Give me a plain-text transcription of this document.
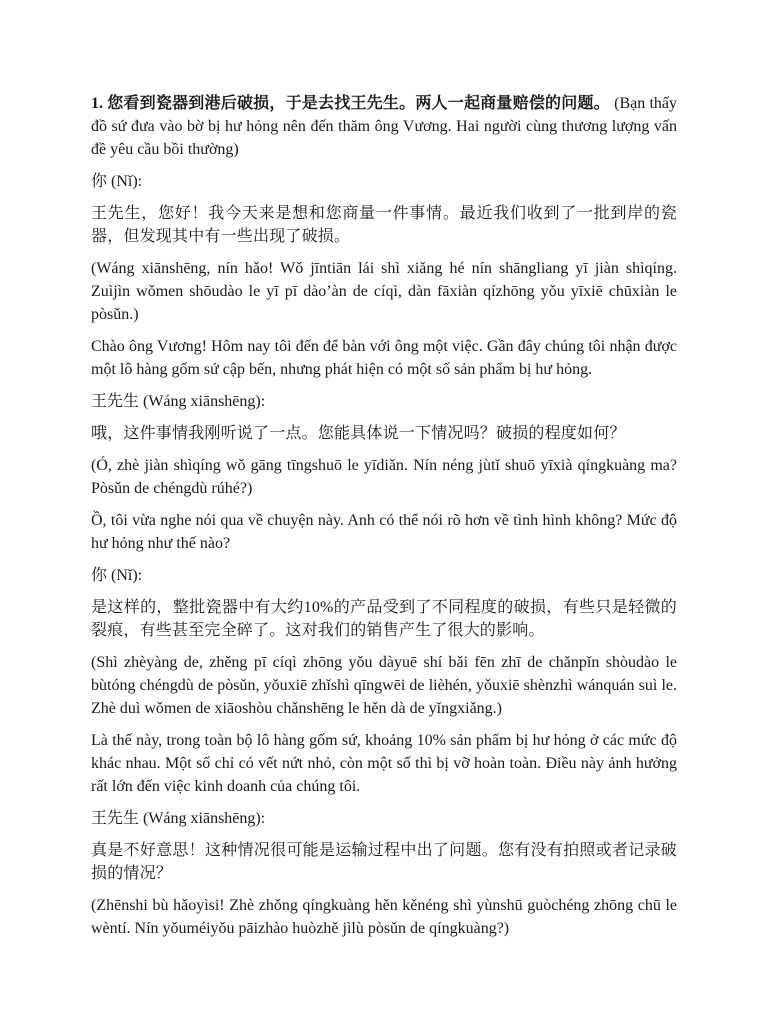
1. 您看到瓷器到港后破损，于是去找王先生。两人一起商量赔偿的问题。 (Bạn thấy đồ sứ đưa vào bờ bị hư hỏng nên đến thăm ông Vương. Hai người cùng thương lượng vấn đề yêu cầu bồi thường)

你 (Nǐ):

王先生，您好！我今天来是想和您商量一件事情。最近我们收到了一批到岸的瓷器，但发现其中有一些出现了破损。

(Wáng xiānshēng, nín hǎo! Wǒ jīntiān lái shì xiǎng hé nín shāngliang yī jiàn shìqíng. Zuìjìn wǒmen shōudào le yī pī dào’àn de cíqì, dàn fāxiàn qízhōng yǒu yīxiē chūxiàn le pòsǔn.)

Chào ông Vương! Hôm nay tôi đến để bàn với ông một việc. Gần đây chúng tôi nhận được một lô hàng gốm sứ cập bến, nhưng phát hiện có một số sản phẩm bị hư hỏng.

王先生 (Wáng xiānshēng):

哦，这件事情我刚听说了一点。您能具体说一下情况吗？破损的程度如何？

(Ó, zhè jiàn shìqíng wǒ gāng tīngshuō le yīdiǎn. Nín néng jùtǐ shuō yīxià qíngkuàng ma? Pòsǔn de chéngdù rúhé?)

Ồ, tôi vừa nghe nói qua về chuyện này. Anh có thể nói rõ hơn về tình hình không? Mức độ hư hỏng như thế nào?

你 (Nǐ):

是这样的，整批瓷器中有大约10%的产品受到了不同程度的破损，有些只是轻微的裂痕，有些甚至完全碎了。这对我们的销售产生了很大的影响。

(Shì zhèyàng de, zhěng pī cíqì zhōng yǒu dàyuē shí bǎi fēn zhī de chǎnpǐn shòudào le bùtóng chéngdù de pòsǔn, yǒuxiē zhǐshì qīngwēi de lièhén, yǒuxiē shènzhì wánquán suì le. Zhè duì wǒmen de xiāoshòu chǎnshēng le hěn dà de yǐngxiǎng.)

Là thế này, trong toàn bộ lô hàng gốm sứ, khoảng 10% sản phẩm bị hư hỏng ở các mức độ khác nhau. Một số chỉ có vết nứt nhỏ, còn một số thì bị vỡ hoàn toàn. Điều này ảnh hưởng rất lớn đến việc kinh doanh của chúng tôi.

王先生 (Wáng xiānshēng):

真是不好意思！这种情况很可能是运输过程中出了问题。您有没有拍照或者记录破损的情况？

(Zhēnshi bù hǎoyìsi! Zhè zhǒng qíngkuàng hěn kěnéng shì yùnshū guòchéng zhōng chū le wèntí. Nín yǒuméiyǒu pāizhào huòzhě jìlù pòsǔn de qíngkuàng?)
